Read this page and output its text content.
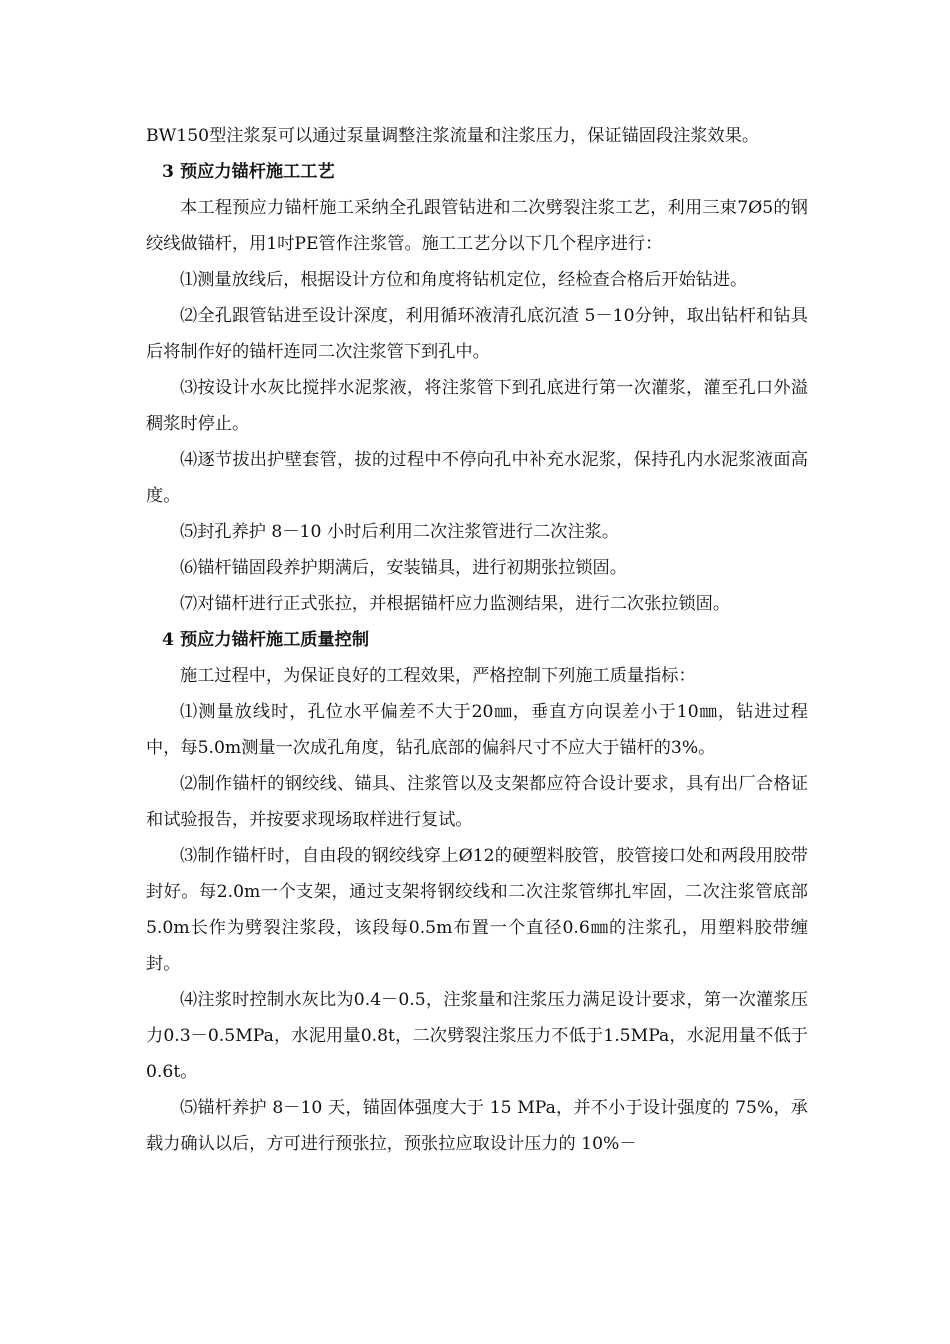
BW150型注浆泵可以通过泵量调整注浆流量和注浆压力，保证锚固段注浆效果。

3 预应力锚杆施工工艺

本工程预应力锚杆施工采纳全孔跟管钻进和二次劈裂注浆工艺，利用三束7Ø5的钢绞线做锚杆，用1吋PE管作注浆管。施工工艺分以下几个程序进行：

⑴测量放线后，根据设计方位和角度将钻机定位，经检查合格后开始钻进。

⑵全孔跟管钻进至设计深度，利用循环液清孔底沉渣 5－10分钟，取出钻杆和钻具后将制作好的锚杆连同二次注浆管下到孔中。

⑶按设计水灰比搅拌水泥浆液，将注浆管下到孔底进行第一次灌浆，灌至孔口外溢稠浆时停止。

⑷逐节拔出护壁套管，拔的过程中不停向孔中补充水泥浆，保持孔内水泥浆液面高度。

⑸封孔养护 8－10 小时后利用二次注浆管进行二次注浆。

⑹锚杆锚固段养护期满后，安装锚具，进行初期张拉锁固。

⑺对锚杆进行正式张拉，并根据锚杆应力监测结果，进行二次张拉锁固。

4 预应力锚杆施工质量控制

施工过程中，为保证良好的工程效果，严格控制下列施工质量指标：

⑴测量放线时，孔位水平偏差不大于20㎜，垂直方向误差小于10㎜，钻进过程中，每5.0m测量一次成孔角度，钻孔底部的偏斜尺寸不应大于锚杆的3%。

⑵制作锚杆的钢绞线、锚具、注浆管以及支架都应符合设计要求，具有出厂合格证和试验报告，并按要求现场取样进行复试。

⑶制作锚杆时，自由段的钢绞线穿上Ø12的硬塑料胶管，胶管接口处和两段用胶带封好。每2.0m一个支架，通过支架将钢绞线和二次注浆管绑扎牢固，二次注浆管底部5.0m长作为劈裂注浆段，该段每0.5m布置一个直径0.6㎜的注浆孔，用塑料胶带缠封。

⑷注浆时控制水灰比为0.4－0.5，注浆量和注浆压力满足设计要求，第一次灌浆压力0.3－0.5MPa，水泥用量0.8t，二次劈裂注浆压力不低于1.5MPa，水泥用量不低于0.6t。

⑸锚杆养护 8－10 天，锚固体强度大于 15 MPa，并不小于设计强度的 75%，承载力确认以后，方可进行预张拉，预张拉应取设计压力的 10%－
